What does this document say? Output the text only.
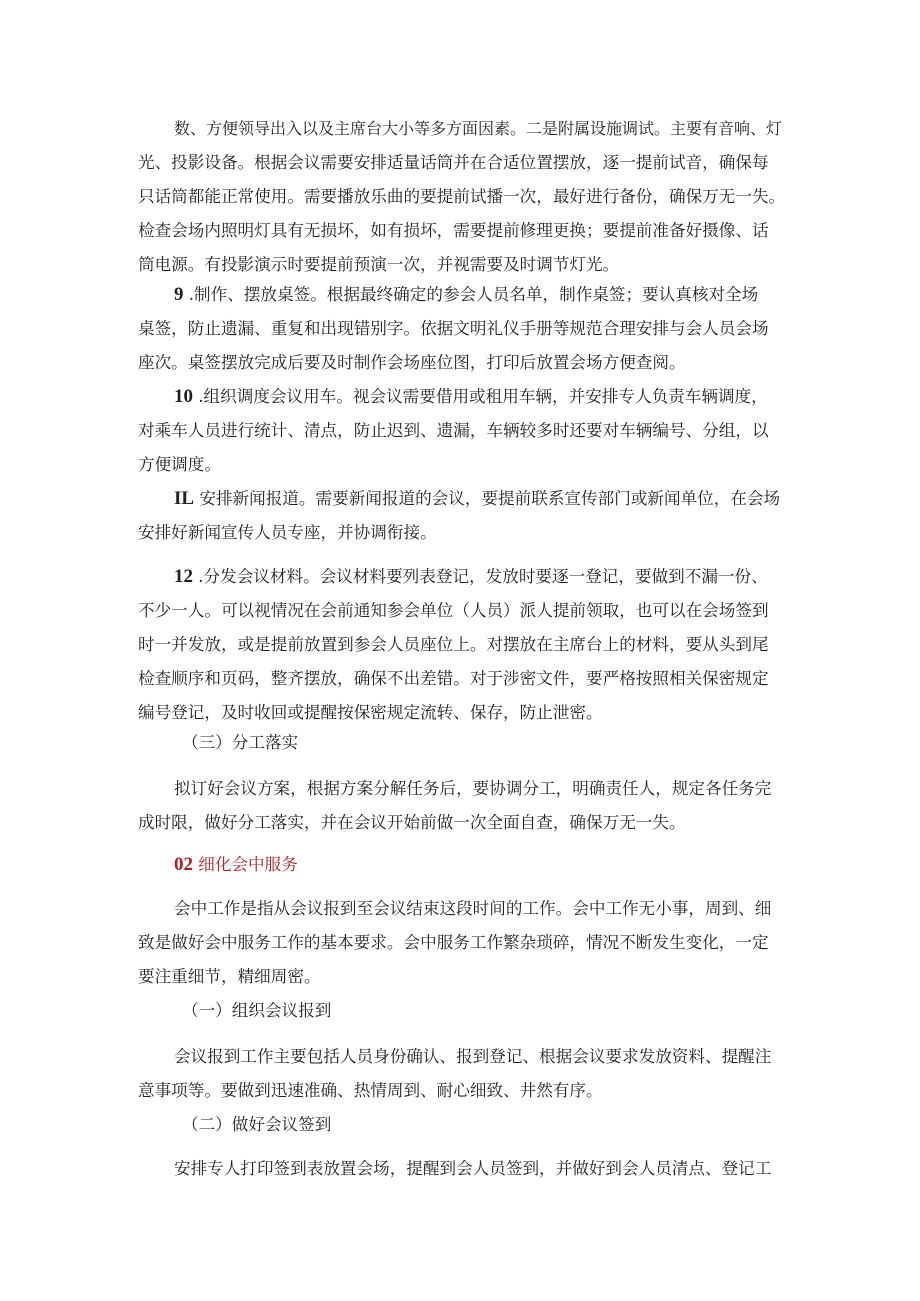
数、方便领导出入以及主席台大小等多方面因素。二是附属设施调试。主要有音响、灯
光、投影设备。根据会议需要安排适量话筒并在合适位置摆放，逐一提前试音，确保每
只话筒都能正常使用。需要播放乐曲的要提前试播一次，最好进行备份，确保万无一失。
检查会场内照明灯具有无损坏，如有损坏，需要提前修理更换；要提前准备好摄像、话
筒电源。有投影演示时要提前预演一次，并视需要及时调节灯光。
9 .制作、摆放桌签。根据最终确定的参会人员名单，制作桌签；要认真核对全场
桌签，防止遗漏、重复和出现错别字。依据文明礼仪手册等规范合理安排与会人员会场
座次。桌签摆放完成后要及时制作会场座位图，打印后放置会场方便查阅。
10 .组织调度会议用车。视会议需要借用或租用车辆，并安排专人负责车辆调度，
对乘车人员进行统计、清点，防止迟到、遗漏，车辆较多时还要对车辆编号、分组，以
方便调度。
IL 安排新闻报道。需要新闻报道的会议，要提前联系宣传部门或新闻单位，在会场
安排好新闻宣传人员专座，并协调衔接。
12 .分发会议材料。会议材料要列表登记，发放时要逐一登记，要做到不漏一份、
不少一人。可以视情况在会前通知参会单位（人员）派人提前领取，也可以在会场签到
时一并发放，或是提前放置到参会人员座位上。对摆放在主席台上的材料，要从头到尾
检查顺序和页码，整齐摆放，确保不出差错。对于涉密文件，要严格按照相关保密规定
编号登记，及时收回或提醒按保密规定流转、保存，防止泄密。
（三）分工落实
拟订好会议方案，根据方案分解任务后，要协调分工，明确责任人，规定各任务完
成时限，做好分工落实，并在会议开始前做一次全面自查，确保万无一失。
02 细化会中服务
会中工作是指从会议报到至会议结束这段时间的工作。会中工作无小事，周到、细
致是做好会中服务工作的基本要求。会中服务工作繁杂琐碎，情况不断发生变化，一定
要注重细节，精细周密。
（一）组织会议报到
会议报到工作主要包括人员身份确认、报到登记、根据会议要求发放资料、提醒注
意事项等。要做到迅速准确、热情周到、耐心细致、井然有序。
（二）做好会议签到
安排专人打印签到表放置会场，提醒到会人员签到，并做好到会人员清点、登记工
